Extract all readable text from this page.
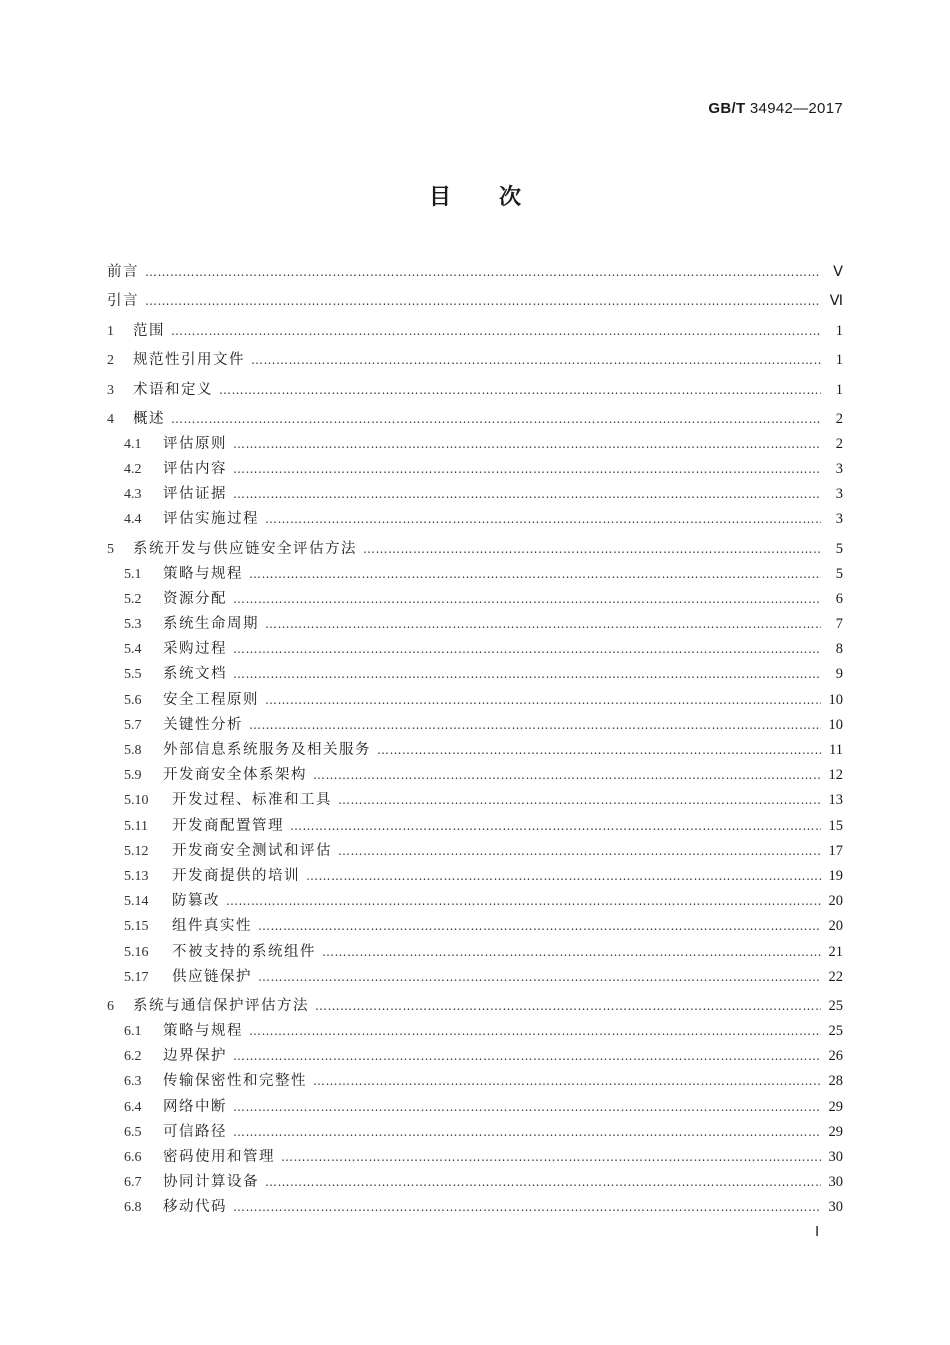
GB/T 34942—2017
目次
前言 ……………………………………………………………………………………………………………………………………………………………………………………………………………………………	Ⅴ
引言 ……………………………………………………………………………………………………………………………………………………………………………………………………………………………	Ⅵ
1	范围 ……………………………………………………………………………………………………………………………………………………………………………………………………………………………	1
2	规范性引用文件 ……………………………………………………………………………………………………………………………………………………………………………………………………………………………	1
3	术语和定义 ……………………………………………………………………………………………………………………………………………………………………………………………………………………………	1
4	概述 ……………………………………………………………………………………………………………………………………………………………………………………………………………………………	2
4.1	评估原则 ……………………………………………………………………………………………………………………………………………………………………………………………………………………………	2
4.2	评估内容 ……………………………………………………………………………………………………………………………………………………………………………………………………………………………	3
4.3	评估证据 ……………………………………………………………………………………………………………………………………………………………………………………………………………………………	3
4.4	评估实施过程 ……………………………………………………………………………………………………………………………………………………………………………………………………………………………	3
5	系统开发与供应链安全评估方法 ……………………………………………………………………………………………………………………………………………………………………………………………………………………………	5
5.1	策略与规程 ……………………………………………………………………………………………………………………………………………………………………………………………………………………………	5
5.2	资源分配 ……………………………………………………………………………………………………………………………………………………………………………………………………………………………	6
5.3	系统生命周期 ……………………………………………………………………………………………………………………………………………………………………………………………………………………………	7
5.4	采购过程 ……………………………………………………………………………………………………………………………………………………………………………………………………………………………	8
5.5	系统文档 ……………………………………………………………………………………………………………………………………………………………………………………………………………………………	9
5.6	安全工程原则 ……………………………………………………………………………………………………………………………………………………………………………………………………………………………	10
5.7	关键性分析 ……………………………………………………………………………………………………………………………………………………………………………………………………………………………	10
5.8	外部信息系统服务及相关服务 ……………………………………………………………………………………………………………………………………………………………………………………………………………………………	11
5.9	开发商安全体系架构 ……………………………………………………………………………………………………………………………………………………………………………………………………………………………	12
5.10	开发过程、标准和工具 ……………………………………………………………………………………………………………………………………………………………………………………………………………………………	13
5.11	开发商配置管理 ……………………………………………………………………………………………………………………………………………………………………………………………………………………………	15
5.12	开发商安全测试和评估 ……………………………………………………………………………………………………………………………………………………………………………………………………………………………	17
5.13	开发商提供的培训 ……………………………………………………………………………………………………………………………………………………………………………………………………………………………	19
5.14	防篡改 ……………………………………………………………………………………………………………………………………………………………………………………………………………………………	20
5.15	组件真实性 ……………………………………………………………………………………………………………………………………………………………………………………………………………………………	20
5.16	不被支持的系统组件 ……………………………………………………………………………………………………………………………………………………………………………………………………………………………	21
5.17	供应链保护 ……………………………………………………………………………………………………………………………………………………………………………………………………………………………	22
6	系统与通信保护评估方法 ……………………………………………………………………………………………………………………………………………………………………………………………………………………………	25
6.1	策略与规程 ……………………………………………………………………………………………………………………………………………………………………………………………………………………………	25
6.2	边界保护 ……………………………………………………………………………………………………………………………………………………………………………………………………………………………	26
6.3	传输保密性和完整性 ……………………………………………………………………………………………………………………………………………………………………………………………………………………………	28
6.4	网络中断 ……………………………………………………………………………………………………………………………………………………………………………………………………………………………	29
6.5	可信路径 ……………………………………………………………………………………………………………………………………………………………………………………………………………………………	29
6.6	密码使用和管理 ……………………………………………………………………………………………………………………………………………………………………………………………………………………………	30
6.7	协同计算设备 ……………………………………………………………………………………………………………………………………………………………………………………………………………………………	30
6.8	移动代码 ……………………………………………………………………………………………………………………………………………………………………………………………………………………………	30
Ⅰ
